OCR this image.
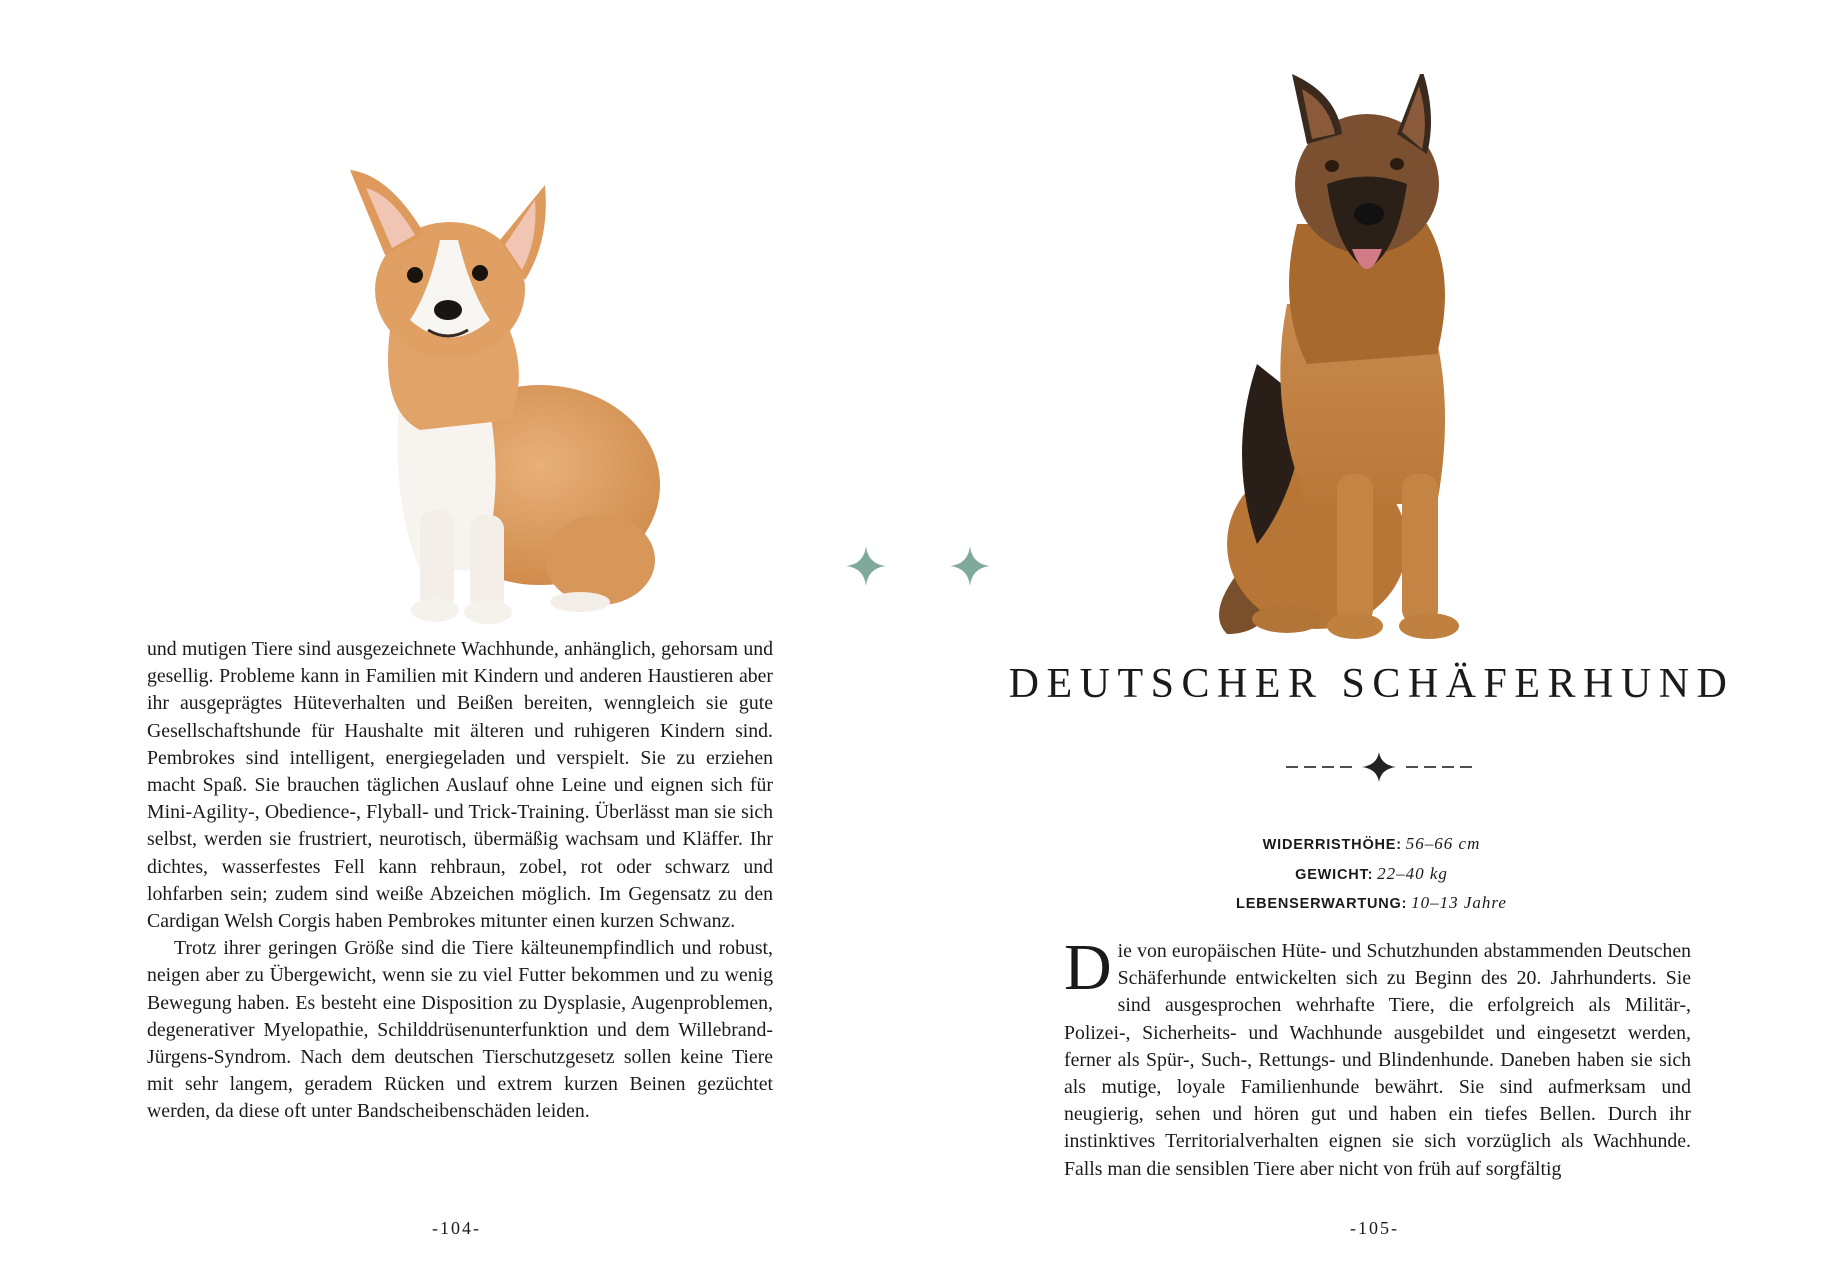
und mutigen Tiere sind ausgezeichnete Wachhunde, anhänglich, gehorsam und gesellig. Probleme kann in Familien mit Kindern und anderen Haustieren aber ihr ausgeprägtes Hüteverhalten und Beißen bereiten, wenngleich sie gute Gesellschaftshunde für Haushalte mit älteren und ruhigeren Kindern sind. Pembrokes sind intelligent, energiegeladen und verspielt. Sie zu erziehen macht Spaß. Sie brauchen täglichen Auslauf ohne Leine und eignen sich für Mini-Agility-, Obedience-, Flyball- und Trick-Training. Überlässt man sie sich selbst, werden sie frustriert, neurotisch, übermäßig wachsam und Kläffer. Ihr dichtes, wasserfestes Fell kann rehbraun, zobel, rot oder schwarz und lohfarben sein; zudem sind weiße Abzeichen möglich. Im Gegensatz zu den Cardigan Welsh Corgis haben Pembrokes mitunter einen kurzen Schwanz.

Trotz ihrer geringen Größe sind die Tiere kälteunempfindlich und robust, neigen aber zu Übergewicht, wenn sie zu viel Futter bekommen und zu wenig Bewegung haben. Es besteht eine Disposition zu Dysplasie, Augenproblemen, degenerativer Myelopathie, Schilddrüsenunterfunktion und dem Willebrand-Jürgens-Syndrom. Nach dem deutschen Tierschutzgesetz sollen keine Tiere mit sehr langem, geradem Rücken und extrem kurzen Beinen gezüchtet werden, da diese oft unter Bandscheibenschäden leiden.

-104-
DEUTSCHER SCHÄFERHUND
WIDERRISTHÖHE: 56–66 cm
GEWICHT: 22–40 kg
LEBENSERWARTUNG: 10–13 Jahre

Die von europäischen Hüte- und Schutzhunden abstammenden Deutschen Schäferhunde entwickelten sich zu Beginn des 20. Jahrhunderts. Sie sind ausgesprochen wehrhafte Tiere, die erfolgreich als Militär-, Polizei-, Sicherheits- und Wachhunde ausgebildet und eingesetzt werden, ferner als Spür-, Such-, Rettungs- und Blindenhunde. Daneben haben sie sich als mutige, loyale Familienhunde bewährt. Sie sind aufmerksam und neugierig, sehen und hören gut und haben ein tiefes Bellen. Durch ihr instinktives Territorialverhalten eignen sie sich vorzüglich als Wachhunde. Falls man die sensiblen Tiere aber nicht von früh auf sorgfältig

-105-
